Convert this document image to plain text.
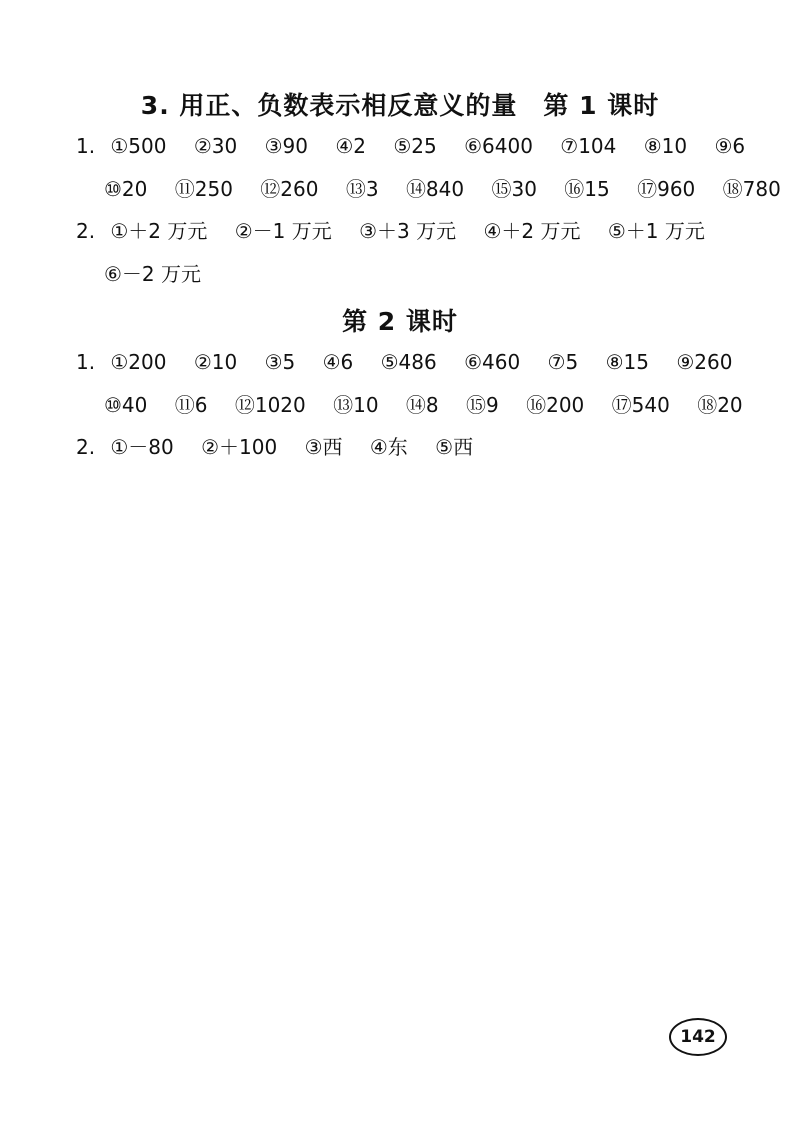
3. 用正、负数表示相反意义的量　第 1 课时
1. ①500 ②30 ③90 ④2 ⑤25 ⑥6400 ⑦104 ⑧10 ⑨6
⑩20 ⑪250 ⑫260 ⑬3 ⑭840 ⑮30 ⑯15 ⑰960 ⑱780
2. ①＋2 万元 ②－1 万元 ③＋3 万元 ④＋2 万元 ⑤＋1 万元
⑥－2 万元
第 2 课时
1. ①200 ②10 ③5 ④6 ⑤486 ⑥460 ⑦5 ⑧15 ⑨260
⑩40 ⑪6 ⑫1020 ⑬10 ⑭8 ⑮9 ⑯200 ⑰540 ⑱20
2. ①－80 ②＋100 ③西 ④东 ⑤西
142
